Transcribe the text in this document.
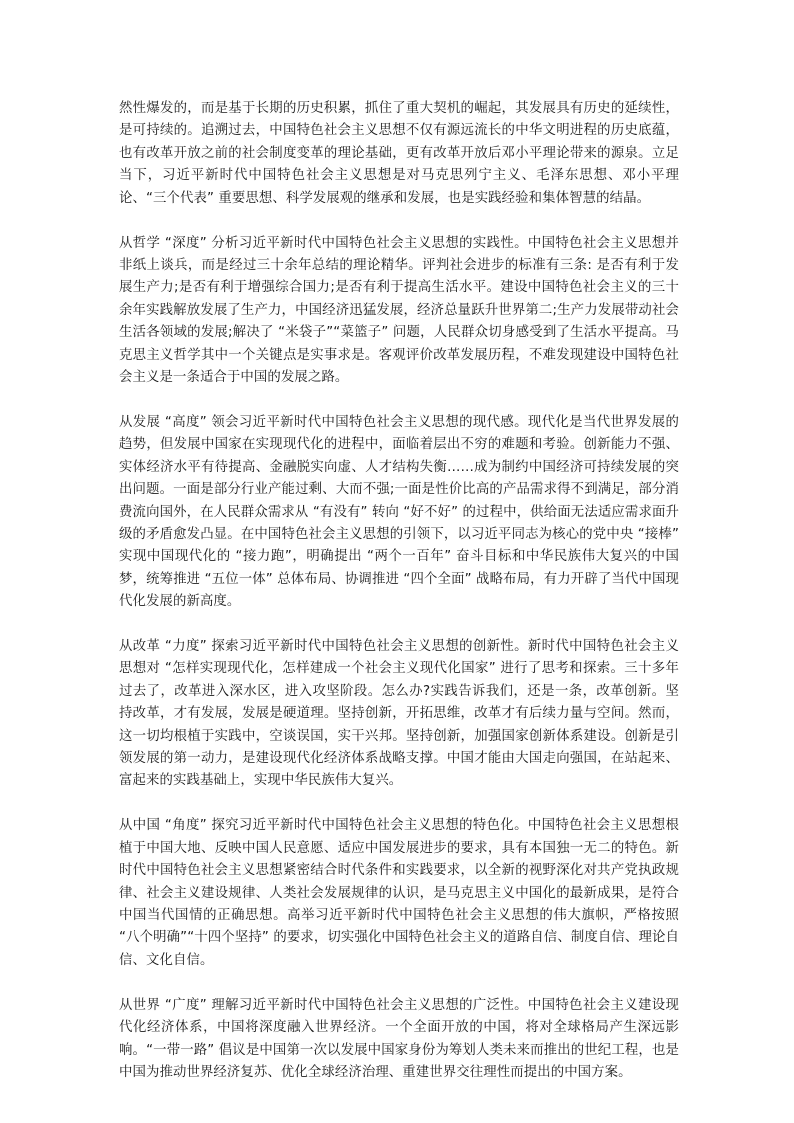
然性爆发的，而是基于长期的历史积累，抓住了重大契机的崛起，其发展具有历史的延续性，是可持续的。追溯过去，中国特色社会主义思想不仅有源远流长的中华文明进程的历史底蕴，也有改革开放之前的社会制度变革的理论基础，更有改革开放后邓小平理论带来的源泉。立足当下，习近平新时代中国特色社会主义思想是对马克思列宁主义、毛泽东思想、邓小平理论、“三个代表” 重要思想、科学发展观的继承和发展，也是实践经验和集体智慧的结晶。

从哲学 “深度” 分析习近平新时代中国特色社会主义思想的实践性。中国特色社会主义思想并非纸上谈兵，而是经过三十余年总结的理论精华。评判社会进步的标准有三条: 是否有利于发展生产力;是否有利于增强综合国力;是否有利于提高生活水平。建设中国特色社会主义的三十余年实践解放发展了生产力，中国经济迅猛发展，经济总量跃升世界第二;生产力发展带动社会生活各领域的发展;解决了 “米袋子”“菜篮子” 问题，人民群众切身感受到了生活水平提高。马克思主义哲学其中一个关键点是实事求是。客观评价改革发展历程，不难发现建设中国特色社会主义是一条适合于中国的发展之路。

从发展 “高度” 领会习近平新时代中国特色社会主义思想的现代感。现代化是当代世界发展的趋势，但发展中国家在实现现代化的进程中，面临着层出不穷的难题和考验。创新能力不强、实体经济水平有待提高、金融脱实向虚、人才结构失衡……成为制约中国经济可持续发展的突出问题。一面是部分行业产能过剩、大而不强;一面是性价比高的产品需求得不到满足，部分消费流向国外，在人民群众需求从 “有没有” 转向 “好不好” 的过程中，供给面无法适应需求面升级的矛盾愈发凸显。在中国特色社会主义思想的引领下，以习近平同志为核心的党中央 “接棒” 实现中国现代化的 “接力跑”，明确提出 “两个一百年” 奋斗目标和中华民族伟大复兴的中国梦，统筹推进 “五位一体” 总体布局、协调推进 “四个全面” 战略布局，有力开辟了当代中国现代化发展的新高度。

从改革 “力度” 探索习近平新时代中国特色社会主义思想的创新性。新时代中国特色社会主义思想对 “怎样实现现代化，怎样建成一个社会主义现代化国家” 进行了思考和探索。三十多年过去了，改革进入深水区，进入攻坚阶段。怎么办?实践告诉我们，还是一条，改革创新。坚持改革，才有发展，发展是硬道理。坚持创新，开拓思维，改革才有后续力量与空间。然而，这一切均根植于实践中，空谈误国，实干兴邦。坚持创新，加强国家创新体系建设。创新是引领发展的第一动力，是建设现代化经济体系战略支撑。中国才能由大国走向强国，在站起来、富起来的实践基础上，实现中华民族伟大复兴。

从中国 “角度” 探究习近平新时代中国特色社会主义思想的特色化。中国特色社会主义思想根植于中国大地、反映中国人民意愿、适应中国发展进步的要求，具有本国独一无二的特色。新时代中国特色社会主义思想紧密结合时代条件和实践要求，以全新的视野深化对共产党执政规律、社会主义建设规律、人类社会发展规律的认识，是马克思主义中国化的最新成果，是符合中国当代国情的正确思想。高举习近平新时代中国特色社会主义思想的伟大旗帜，严格按照 “八个明确”“十四个坚持” 的要求，切实强化中国特色社会主义的道路自信、制度自信、理论自信、文化自信。

从世界 “广度” 理解习近平新时代中国特色社会主义思想的广泛性。中国特色社会主义建设现代化经济体系，中国将深度融入世界经济。一个全面开放的中国，将对全球格局产生深远影响。“一带一路” 倡议是中国第一次以发展中国家身份为筹划人类未来而推出的世纪工程，也是中国为推动世界经济复苏、优化全球经济治理、重建世界交往理性而提出的中国方案。
